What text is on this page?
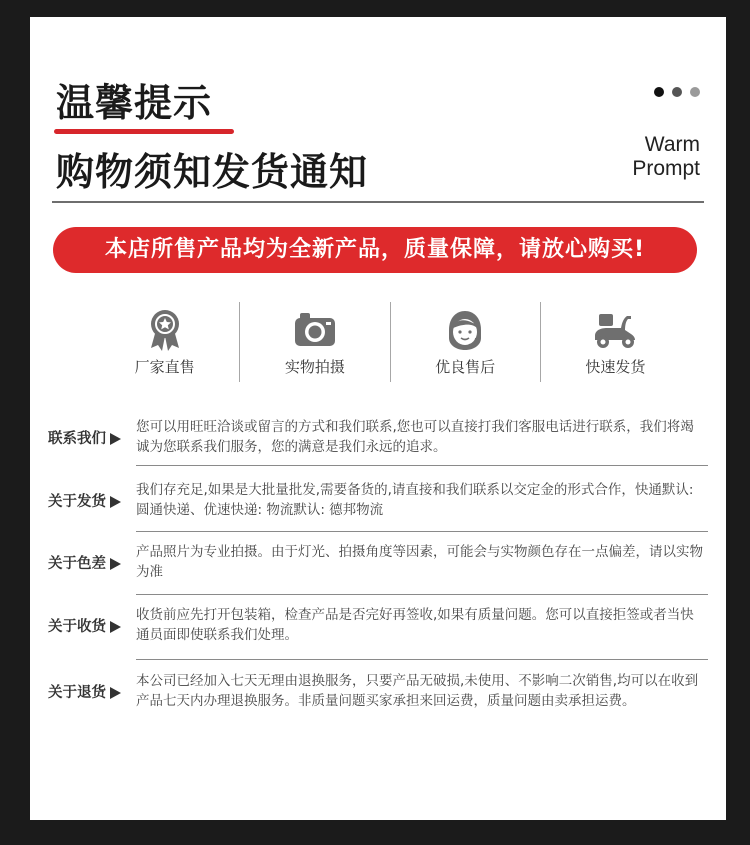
温馨提示
购物须知发货通知
Warm
Prompt
本店所售产品均为全新产品，质量保障，请放心购买!
厂家直售	实物拍摄	优良售后	快速发货
联系我们
您可以用旺旺洽谈或留言的方式和我们联系,您也可以直接打我们客服电话进行联系，我们将竭诚为您联系我们服务，您的满意是我们永远的追求。
关于发货
我们存充足,如果是大批量批发,需要备货的,请直接和我们联系以交定金的形式合作，快通默认: 圆通快递、优速快递: 物流默认: 德邦物流
关于色差
产品照片为专业拍摄。由于灯光、拍摄角度等因素，可能会与实物颜色存在一点偏差，请以实物为准
关于收货
收货前应先打开包装箱，检查产品是否完好再签收,如果有质量问题。您可以直接拒签或者当快通员面即使联系我们处理。
关于退货
本公司已经加入七天无理由退换服务，只要产品无破损,未使用、不影响二次销售,均可以在收到产品七天内办理退换服务。非质量问题买家承担来回运费，质量问题由卖承担运费。
